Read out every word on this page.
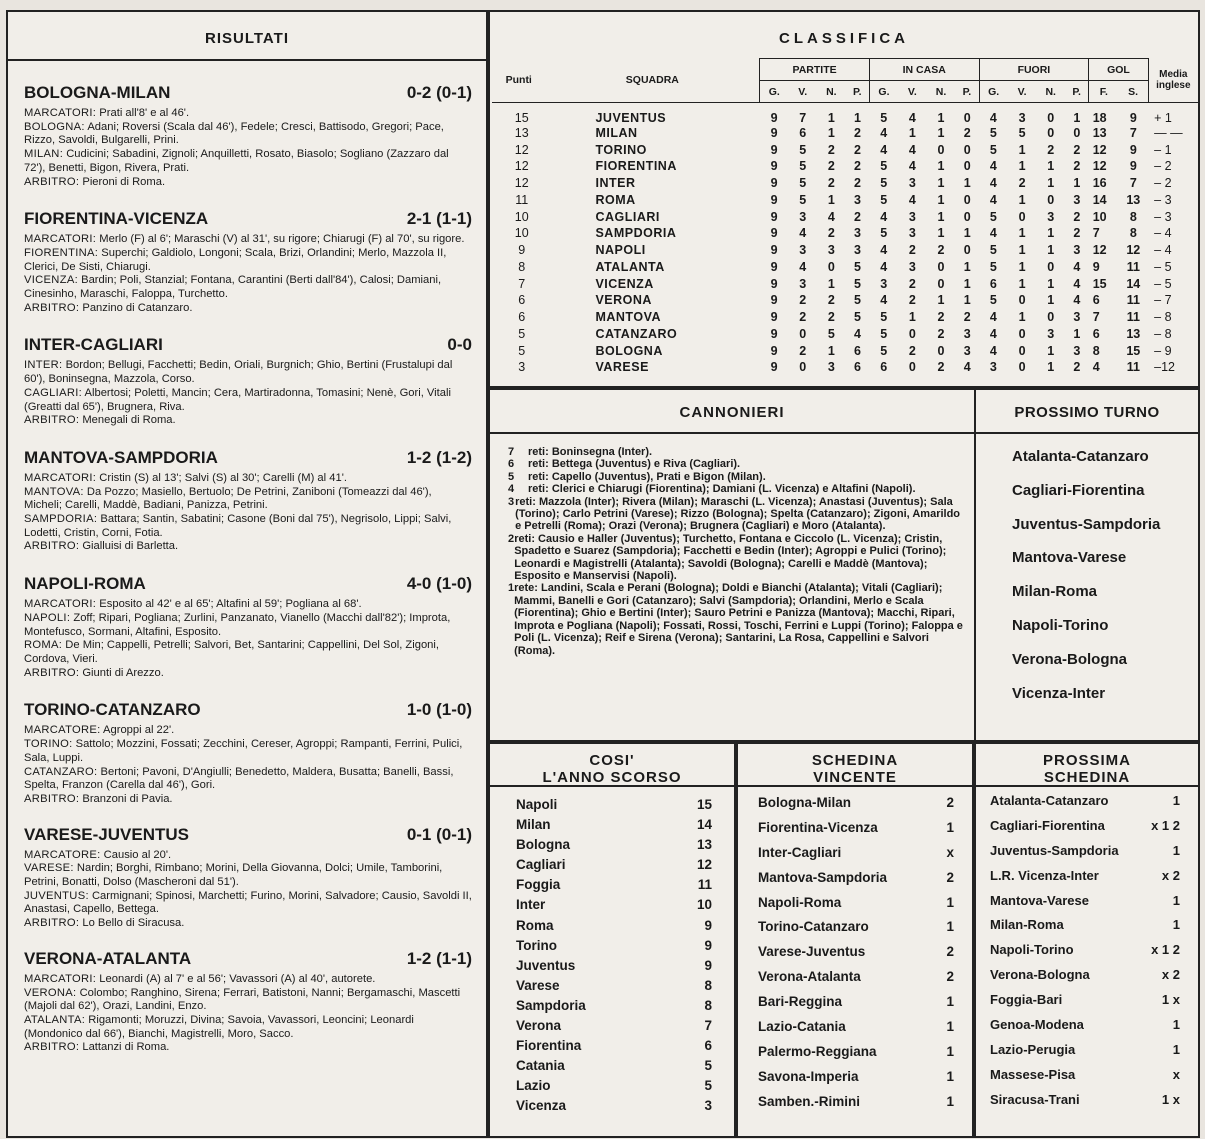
RISULTATI
BOLOGNA-MILAN	0-2 (0-1)
MARCATORI: Prati all'8' e al 46'.
BOLOGNA: Adani; Roversi (Scala dal 46'), Fedele; Cresci, Battisodo, Gregori; Pace, Rizzo, Savoldi, Bulgarelli, Prini.
MILAN: Cudicini; Sabadini, Zignoli; Anquilletti, Rosato, Biasolo; Sogliano (Zazzaro dal 72'), Benetti, Bigon, Rivera, Prati.
ARBITRO: Pieroni di Roma.
FIORENTINA-VICENZA	2-1 (1-1)
MARCATORI: Merlo (F) al 6'; Maraschi (V) al 31', su rigore; Chiarugi (F) al 70', su rigore.
FIORENTINA: Superchi; Galdiolo, Longoni; Scala, Brizi, Orlandini; Merlo, Mazzola II, Clerici, De Sisti, Chiarugi.
VICENZA: Bardin; Poli, Stanzial; Fontana, Carantini (Berti dall'84'), Calosi; Damiani, Cinesinho, Maraschi, Faloppa, Turchetto.
ARBITRO: Panzino di Catanzaro.
INTER-CAGLIARI	0-0
INTER: Bordon; Bellugi, Facchetti; Bedin, Oriali, Burgnich; Ghio, Bertini (Frustalupi dal 60'), Boninsegna, Mazzola, Corso.
CAGLIARI: Albertosi; Poletti, Mancin; Cera, Martiradonna, Tomasini; Nenè, Gori, Vitali (Greatti dal 65'), Brugnera, Riva.
ARBITRO: Menegali di Roma.
MANTOVA-SAMPDORIA	1-2 (1-2)
MARCATORI: Cristin (S) al 13'; Salvi (S) al 30'; Carelli (M) al 41'.
MANTOVA: Da Pozzo; Masiello, Bertuolo; De Petrini, Zaniboni (Tomeazzi dal 46'), Micheli; Carelli, Maddè, Badiani, Panizza, Petrini.
SAMPDORIA: Battara; Santin, Sabatini; Casone (Boni dal 75'), Negrisolo, Lippi; Salvi, Lodetti, Cristin, Corni, Fotia.
ARBITRO: Gialluisi di Barletta.
NAPOLI-ROMA	4-0 (1-0)
MARCATORI: Esposito al 42' e al 65'; Altafini al 59'; Pogliana al 68'.
NAPOLI: Zoff; Ripari, Pogliana; Zurlini, Panzanato, Vianello (Macchi dall'82'); Improta, Montefusco, Sormani, Altafini, Esposito.
ROMA: De Min; Cappelli, Petrelli; Salvori, Bet, Santarini; Cappellini, Del Sol, Zigoni, Cordova, Vieri.
ARBITRO: Giunti di Arezzo.
TORINO-CATANZARO	1-0 (1-0)
MARCATORE: Agroppi al 22'.
TORINO: Sattolo; Mozzini, Fossati; Zecchini, Cereser, Agroppi; Rampanti, Ferrini, Pulici, Sala, Luppi.
CATANZARO: Bertoni; Pavoni, D'Angiulli; Benedetto, Maldera, Busatta; Banelli, Bassi, Spelta, Franzon (Carella dal 46'), Gori.
ARBITRO: Branzoni di Pavia.
VARESE-JUVENTUS	0-1 (0-1)
MARCATORE: Causio al 20'.
VARESE: Nardin; Borghi, Rimbano; Morini, Della Giovanna, Dolci; Umile, Tamborini, Petrini, Bonatti, Dolso (Mascheroni dal 51').
JUVENTUS: Carmignani; Spinosi, Marchetti; Furino, Morini, Salvadore; Causio, Savoldi II, Anastasi, Capello, Bettega.
ARBITRO: Lo Bello di Siracusa.
VERONA-ATALANTA	1-2 (1-1)
MARCATORI: Leonardi (A) al 7' e al 56'; Vavassori (A) al 40', autorete.
VERONA: Colombo; Ranghino, Sirena; Ferrari, Batistoni, Nanni; Bergamaschi, Mascetti (Majoli dal 62'), Orazi, Landini, Enzo.
ATALANTA: Rigamonti; Moruzzi, Divina; Savoia, Vavassori, Leoncini; Leonardi (Mondonico dal 66'), Bianchi, Magistrelli, Moro, Sacco.
ARBITRO: Lattanzi di Roma.
CLASSIFICA
Punti	SQUADRA	PARTITE				IN CASA				FUORI				GOL		Media inglese
		G.	V.	N.	P.	G.	V.	N.	P.	G.	V.	N.	P.	F.	S.	
15	JUVENTUS	9	7	1	1	5	4	1	0	4	3	0	1	18	9	+ 1
13	MILAN	9	6	1	2	4	1	1	2	5	5	0	0	13	7	— —
12	TORINO	9	5	2	2	4	4	0	0	5	1	2	2	12	9	– 1
12	FIORENTINA	9	5	2	2	5	4	1	0	4	1	1	2	12	9	– 2
12	INTER	9	5	2	2	5	3	1	1	4	2	1	1	16	7	– 2
11	ROMA	9	5	1	3	5	4	1	0	4	1	0	3	14	13	– 3
10	CAGLIARI	9	3	4	2	4	3	1	0	5	0	3	2	10	8	– 3
10	SAMPDORIA	9	4	2	3	5	3	1	1	4	1	1	2	7	8	– 4
9	NAPOLI	9	3	3	3	4	2	2	0	5	1	1	3	12	12	– 4
8	ATALANTA	9	4	0	5	4	3	0	1	5	1	0	4	9	11	– 5
7	VICENZA	9	3	1	5	3	2	0	1	6	1	1	4	15	14	– 5
6	VERONA	9	2	2	5	4	2	1	1	5	0	1	4	6	11	– 7
6	MANTOVA	9	2	2	5	5	1	2	2	4	1	0	3	7	11	– 8
5	CATANZARO	9	0	5	4	5	0	2	3	4	0	3	1	6	13	– 8
5	BOLOGNA	9	2	1	6	5	2	0	3	4	0	1	3	8	15	– 9
3	VARESE	9	0	3	6	6	0	2	4	3	0	1	2	4	11	–12
CANNONIERI
7	reti: Boninsegna (Inter).
6	reti: Bettega (Juventus) e Riva (Cagliari).
5	reti: Capello (Juventus), Prati e Bigon (Milan).
4	reti: Clerici e Chiarugi (Fiorentina); Damiani (L. Vicenza) e Altafini (Napoli).
3 reti: Mazzola (Inter); Rivera (Milan); Maraschi (L. Vicenza); Anastasi (Juventus); Sala (Torino); Carlo Petrini (Varese); Rizzo (Bologna); Spelta (Catanzaro); Zigoni, Amarildo e Petrelli (Roma); Orazi (Verona); Brugnera (Cagliari) e Moro (Atalanta).
2 reti: Causio e Haller (Juventus); Turchetto, Fontana e Ciccolo (L. Vicenza); Cristin, Spadetto e Suarez (Sampdoria); Facchetti e Bedin (Inter); Agroppi e Pulici (Torino); Leonardi e Magistrelli (Atalanta); Savoldi (Bologna); Carelli e Maddè (Mantova); Esposito e Manservisi (Napoli).
1 rete: Landini, Scala e Perani (Bologna); Doldi e Bianchi (Atalanta); Vitali (Cagliari); Mammi, Banelli e Gori (Catanzaro); Salvi (Sampdoria); Orlandini, Merlo e Scala (Fiorentina); Ghio e Bertini (Inter); Sauro Petrini e Panizza (Mantova); Macchi, Ripari, Improta e Pogliana (Napoli); Fossati, Rossi, Toschi, Ferrini e Luppi (Torino); Faloppa e Poli (L. Vicenza); Reif e Sirena (Verona); Santarini, La Rosa, Cappellini e Salvori (Roma).
PROSSIMO TURNO
Atalanta-Catanzaro
Cagliari-Fiorentina
Juventus-Sampdoria
Mantova-Varese
Milan-Roma
Napoli-Torino
Verona-Bologna
Vicenza-Inter
COSI'
L'ANNO SCORSO
Napoli	15
Milan	14
Bologna	13
Cagliari	12
Foggia	11
Inter	10
Roma	9
Torino	9
Juventus	9
Varese	8
Sampdoria	8
Verona	7
Fiorentina	6
Catania	5
Lazio	5
Vicenza	3
SCHEDINA
VINCENTE
Bologna-Milan	2
Fiorentina-Vicenza	1
Inter-Cagliari	x
Mantova-Sampdoria	2
Napoli-Roma	1
Torino-Catanzaro	1
Varese-Juventus	2
Verona-Atalanta	2
Bari-Reggina	1
Lazio-Catania	1
Palermo-Reggiana	1
Savona-Imperia	1
Samben.-Rimini	1
PROSSIMA
SCHEDINA
Atalanta-Catanzaro	1
Cagliari-Fiorentina	x 1 2
Juventus-Sampdoria	1
L.R. Vicenza-Inter	x 2
Mantova-Varese	1
Milan-Roma	1
Napoli-Torino	x 1 2
Verona-Bologna	x 2
Foggia-Bari	1 x
Genoa-Modena	1
Lazio-Perugia	1
Massese-Pisa	x
Siracusa-Trani	1 x
